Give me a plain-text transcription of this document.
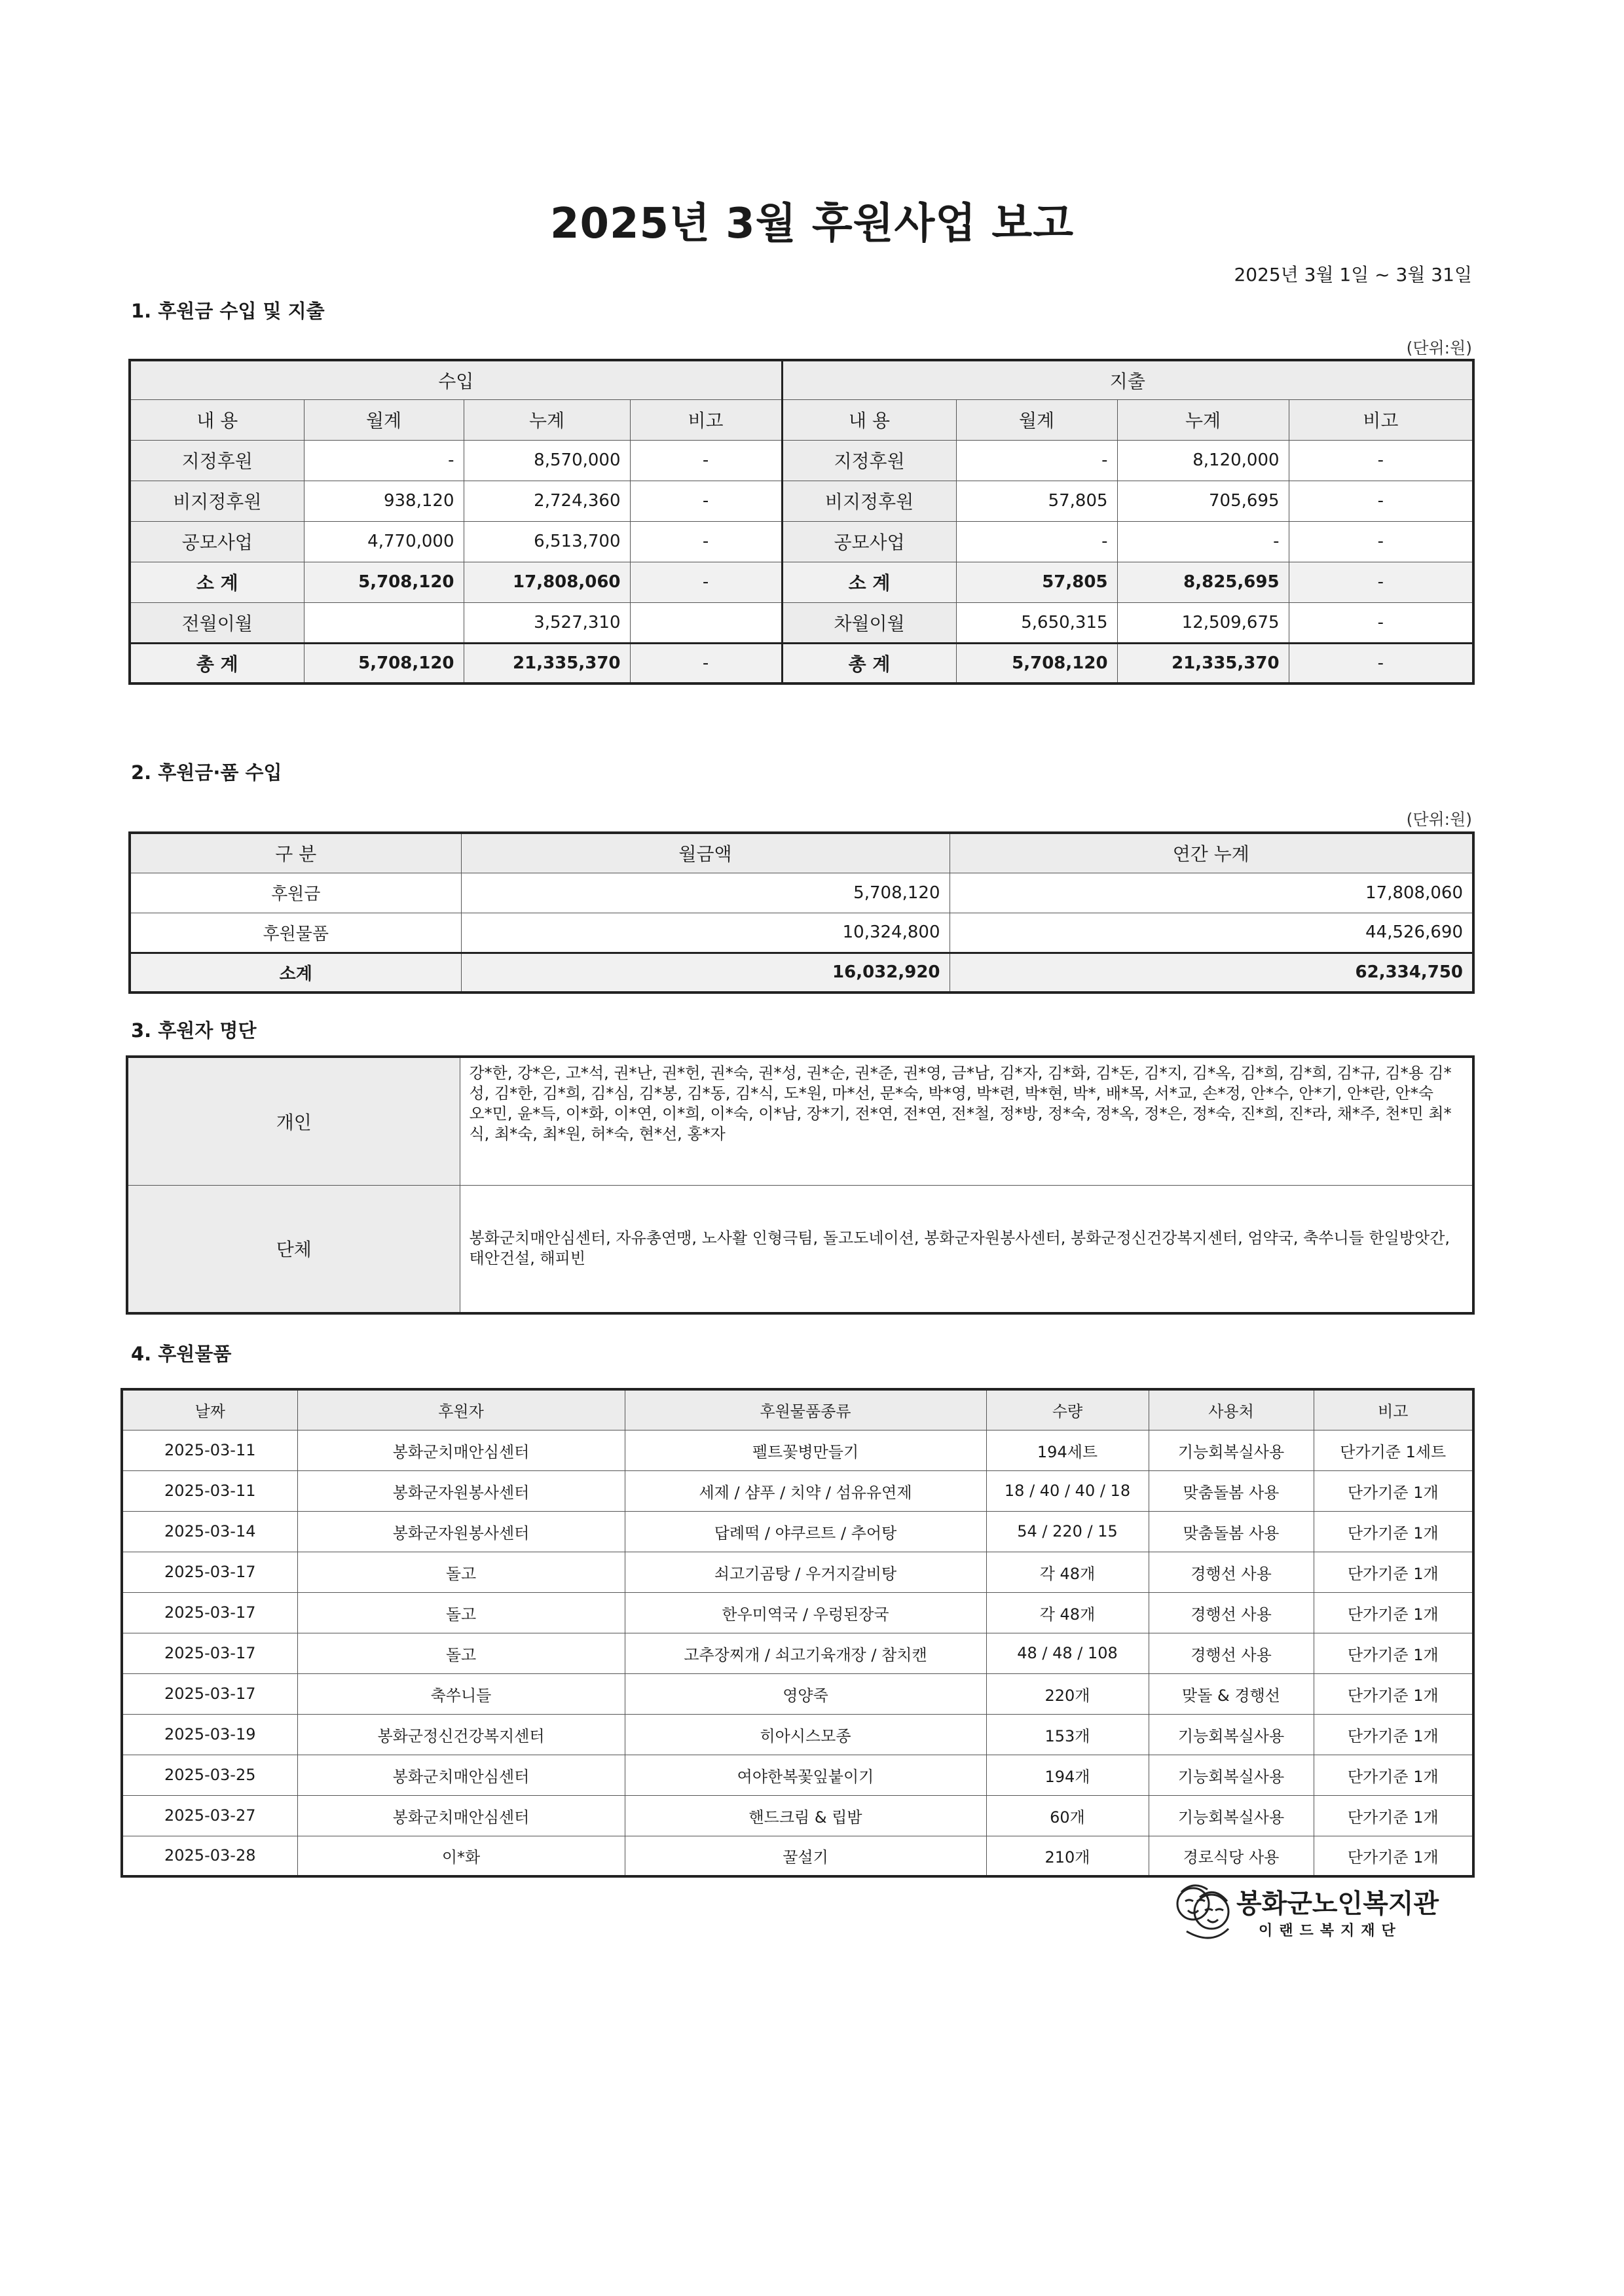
2025년 3월 후원사업 보고
2025년 3월 1일 ~ 3월 31일
1. 후원금 수입 및 지출
(단위:원)
수입				지출			
내 용	월계	누계	비고	내 용	월계	누계	비고
지정후원	-	8,570,000	-	지정후원	-	8,120,000	-
비지정후원	938,120	2,724,360	-	비지정후원	57,805	705,695	-
공모사업	4,770,000	6,513,700	-	공모사업	-	-	-
소 계	5,708,120	17,808,060	-	소 계	57,805	8,825,695	-
전월이월		3,527,310		차월이월	5,650,315	12,509,675	-
총 계	5,708,120	21,335,370	-	총 계	5,708,120	21,335,370	-
2. 후원금·품 수입
(단위:원)
구 분	월금액	연간 누계
후원금	5,708,120	17,808,060
후원물품	10,324,800	44,526,690
소계	16,032,920	62,334,750
3. 후원자 명단
개인	강*한, 강*은, 고*석, 권*난, 권*헌, 권*숙, 권*성, 권*순, 권*준, 권*영, 금*남, 김*자, 김*화, 김*돈, 김*지, 김*옥, 김*희, 김*희, 김*규, 김*용 김*성, 김*한, 김*희, 김*심, 김*봉, 김*동, 김*식, 도*원, 마*선, 문*숙, 박*영, 박*련, 박*현, 박*, 배*목, 서*교, 손*정, 안*수, 안*기, 안*란, 안*숙
오*민, 윤*득, 이*화, 이*연, 이*희, 이*숙, 이*남, 장*기, 전*연, 전*연, 전*철, 정*방, 정*숙, 정*옥, 정*은, 정*숙, 진*희, 진*라, 채*주, 천*민 최*식, 최*숙, 최*원, 허*숙, 현*선, 홍*자
단체	봉화군치매안심센터, 자유총연맹, 노사활 인형극팀, 돌고도네이션, 봉화군자원봉사센터, 봉화군정신건강복지센터, 엄약국, 축쑤니들 한일방앗간, 태안건설, 해피빈
4. 후원물품
날짜	후원자	후원물품종류	수량	사용처	비고
2025-03-11	봉화군치매안심센터	펠트꽃병만들기	194세트	기능회복실사용	단가기준 1세트
2025-03-11	봉화군자원봉사센터	세제 / 샴푸 / 치약 / 섬유유연제	18 / 40 / 40 / 18	맞춤돌봄 사용	단가기준 1개
2025-03-14	봉화군자원봉사센터	답례떡 / 야쿠르트 / 추어탕	54 / 220 / 15	맞춤돌봄 사용	단가기준 1개
2025-03-17	돌고	쇠고기곰탕 / 우거지갈비탕	각 48개	경행선 사용	단가기준 1개
2025-03-17	돌고	한우미역국 / 우렁된장국	각 48개	경행선 사용	단가기준 1개
2025-03-17	돌고	고추장찌개 / 쇠고기육개장 / 참치캔	48 / 48 / 108	경행선 사용	단가기준 1개
2025-03-17	축쑤니들	영양죽	220개	맞돌 & 경행선	단가기준 1개
2025-03-19	봉화군정신건강복지센터	히아시스모종	153개	기능회복실사용	단가기준 1개
2025-03-25	봉화군치매안심센터	여야한복꽃잎붙이기	194개	기능회복실사용	단가기준 1개
2025-03-27	봉화군치매안심센터	핸드크림 & 립밤	60개	기능회복실사용	단가기준 1개
2025-03-28	이*화	꿀설기	210개	경로식당 사용	단가기준 1개
봉화군노인복지관
이랜드복지재단
